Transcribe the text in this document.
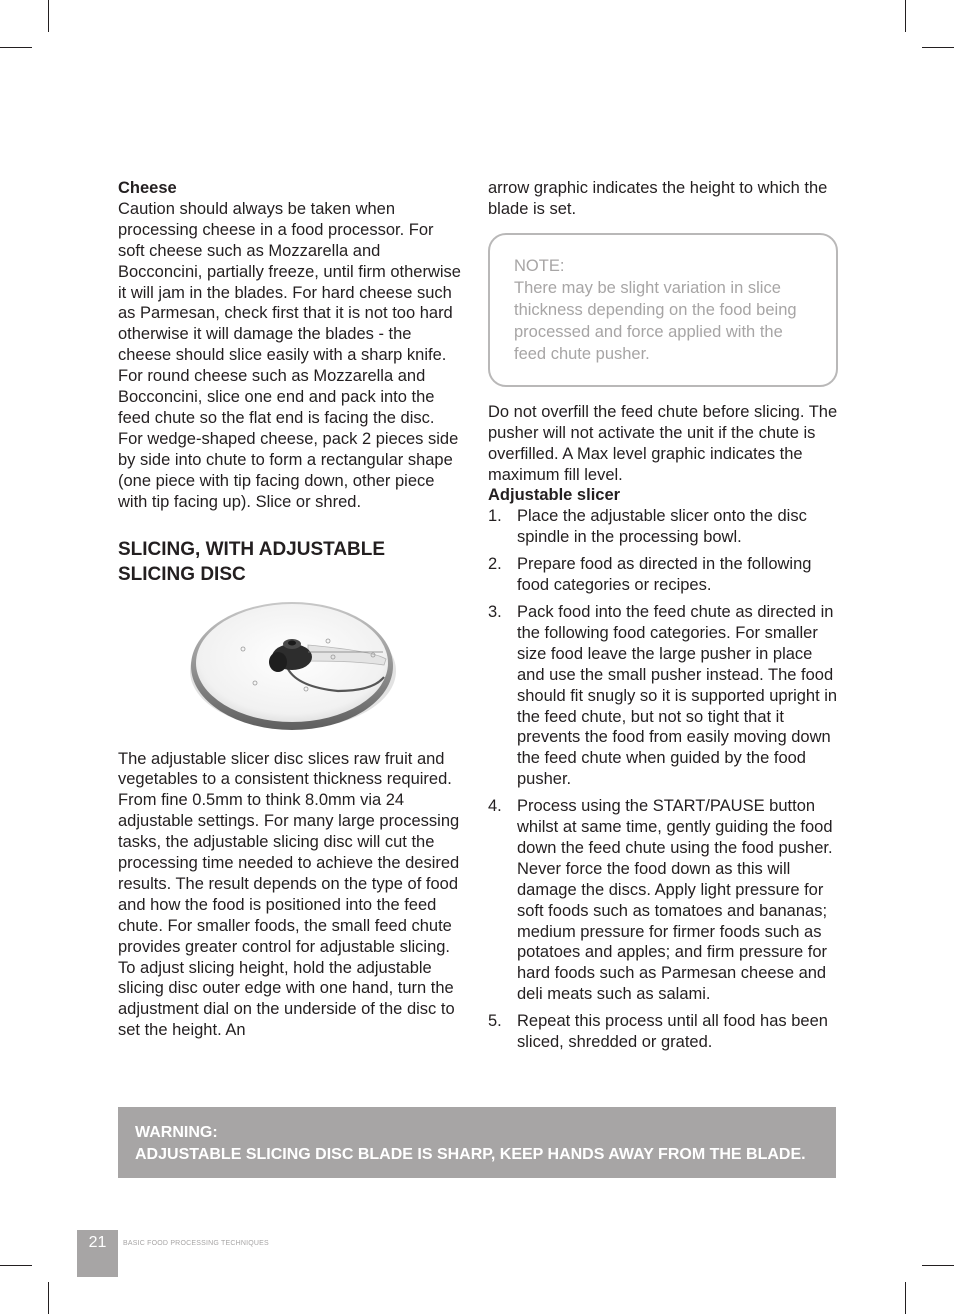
Cheese

Caution should always be taken when processing cheese in a food processor. For soft cheese such as Mozzarella and Bocconcini, partially freeze, until firm otherwise it will jam in the blades. For hard cheese such as Parmesan, check first that it is not too hard otherwise it will damage the blades - the cheese should slice easily with a sharp knife. For round cheese such as Mozzarella and Bocconcini, slice one end and pack into the feed chute so the flat end is facing the disc. For wedge-shaped cheese, pack 2 pieces side by side into chute to form a rectangular shape (one piece with tip facing down, other piece with tip facing up). Slice or shred.

SLICING, WITH ADJUSTABLE
SLICING DISC

The adjustable slicer disc slices raw fruit and vegetables to a consistent thickness required. From fine 0.5mm to think 8.0mm via 24 adjustable settings. For many large processing tasks, the adjustable slicing disc will cut the processing time needed to achieve the desired results. The result depends on the type of food and how the food is positioned into the feed chute. For smaller foods, the small feed chute provides greater control for adjustable slicing. To adjust slicing height, hold the adjustable slicing disc outer edge with one hand, turn the adjustment dial on the underside of the disc to set the height. An

arrow graphic indicates the height to which the blade is set.

NOTE:
There may be slight variation in slice thickness depending on the food being processed and force applied with the feed chute pusher.

Do not overfill the feed chute before slicing. The pusher will not activate the unit if the chute is overfilled. A Max level graphic indicates the maximum fill level.

Adjustable slicer

1. Place the adjustable slicer onto the disc spindle in the processing bowl.
2. Prepare food as directed in the following food categories or recipes.
3. Pack food into the feed chute as directed in the following food categories. For smaller size food leave the large pusher in place and use the small pusher instead. The food should fit snugly so it is supported upright in the feed chute, but not so tight that it prevents the food from easily moving down the feed chute when guided by the food pusher.
4. Process using the START/PAUSE button whilst at same time, gently guiding the food down the feed chute using the food pusher. Never force the food down as this will damage the discs. Apply light pressure for soft foods such as tomatoes and bananas; medium pressure for firmer foods such as potatoes and apples; and firm pressure for hard foods such as Parmesan cheese and deli meats such as salami.
5. Repeat this process until all food has been sliced, shredded or grated.
WARNING:
ADJUSTABLE SLICING DISC BLADE IS SHARP, KEEP HANDS AWAY FROM THE BLADE.
21	BASIC FOOD PROCESSING TECHNIQUES
